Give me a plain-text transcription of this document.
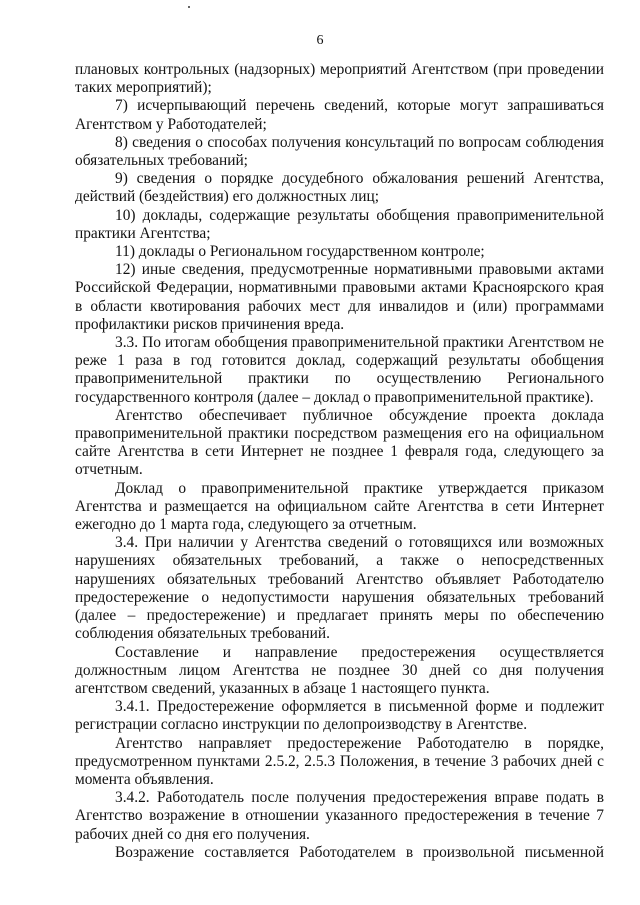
6

плановых контрольных (надзорных) мероприятий Агентством (при проведении таких мероприятий);

7) исчерпывающий перечень сведений, которые могут запрашиваться Агентством у Работодателей;

8) сведения о способах получения консультаций по вопросам соблюдения обязательных требований;

9) сведения о порядке досудебного обжалования решений Агентства, действий (бездействия) его должностных лиц;

10) доклады, содержащие результаты обобщения правоприменительной практики Агентства;

11) доклады о Региональном государственном контроле;

12) иные сведения, предусмотренные нормативными правовыми актами Российской Федерации, нормативными правовыми актами Красноярского края в области квотирования рабочих мест для инвалидов и (или) программами профилактики рисков причинения вреда.

3.3. По итогам обобщения правоприменительной практики Агентством не реже 1 раза в год готовится доклад, содержащий результаты обобщения правоприменительной практики по осуществлению Регионального государственного контроля (далее – доклад о правоприменительной практике).

Агентство обеспечивает публичное обсуждение проекта доклада правоприменительной практики посредством размещения его на официальном сайте Агентства в сети Интернет не позднее 1 февраля года, следующего за отчетным.

Доклад о правоприменительной практике утверждается приказом Агентства и размещается на официальном сайте Агентства в сети Интернет ежегодно до 1 марта года, следующего за отчетным.

3.4. При наличии у Агентства сведений о готовящихся или возможных нарушениях обязательных требований, а также о непосредственных нарушениях обязательных требований Агентство объявляет Работодателю предостережение о недопустимости нарушения обязательных требований (далее – предостережение) и предлагает принять меры по обеспечению соблюдения обязательных требований.

Составление и направление предостережения осуществляется должностным лицом Агентства не позднее 30 дней со дня получения агентством сведений, указанных в абзаце 1 настоящего пункта.

3.4.1. Предостережение оформляется в письменной форме и подлежит регистрации согласно инструкции по делопроизводству в Агентстве.

Агентство направляет предостережение Работодателю в порядке, предусмотренном пунктами 2.5.2, 2.5.3 Положения, в течение 3 рабочих дней с момента объявления.

3.4.2. Работодатель после получения предостережения вправе подать в Агентство возражение в отношении указанного предостережения в течение 7 рабочих дней со дня его получения.

Возражение составляется Работодателем в произвольной письменной
